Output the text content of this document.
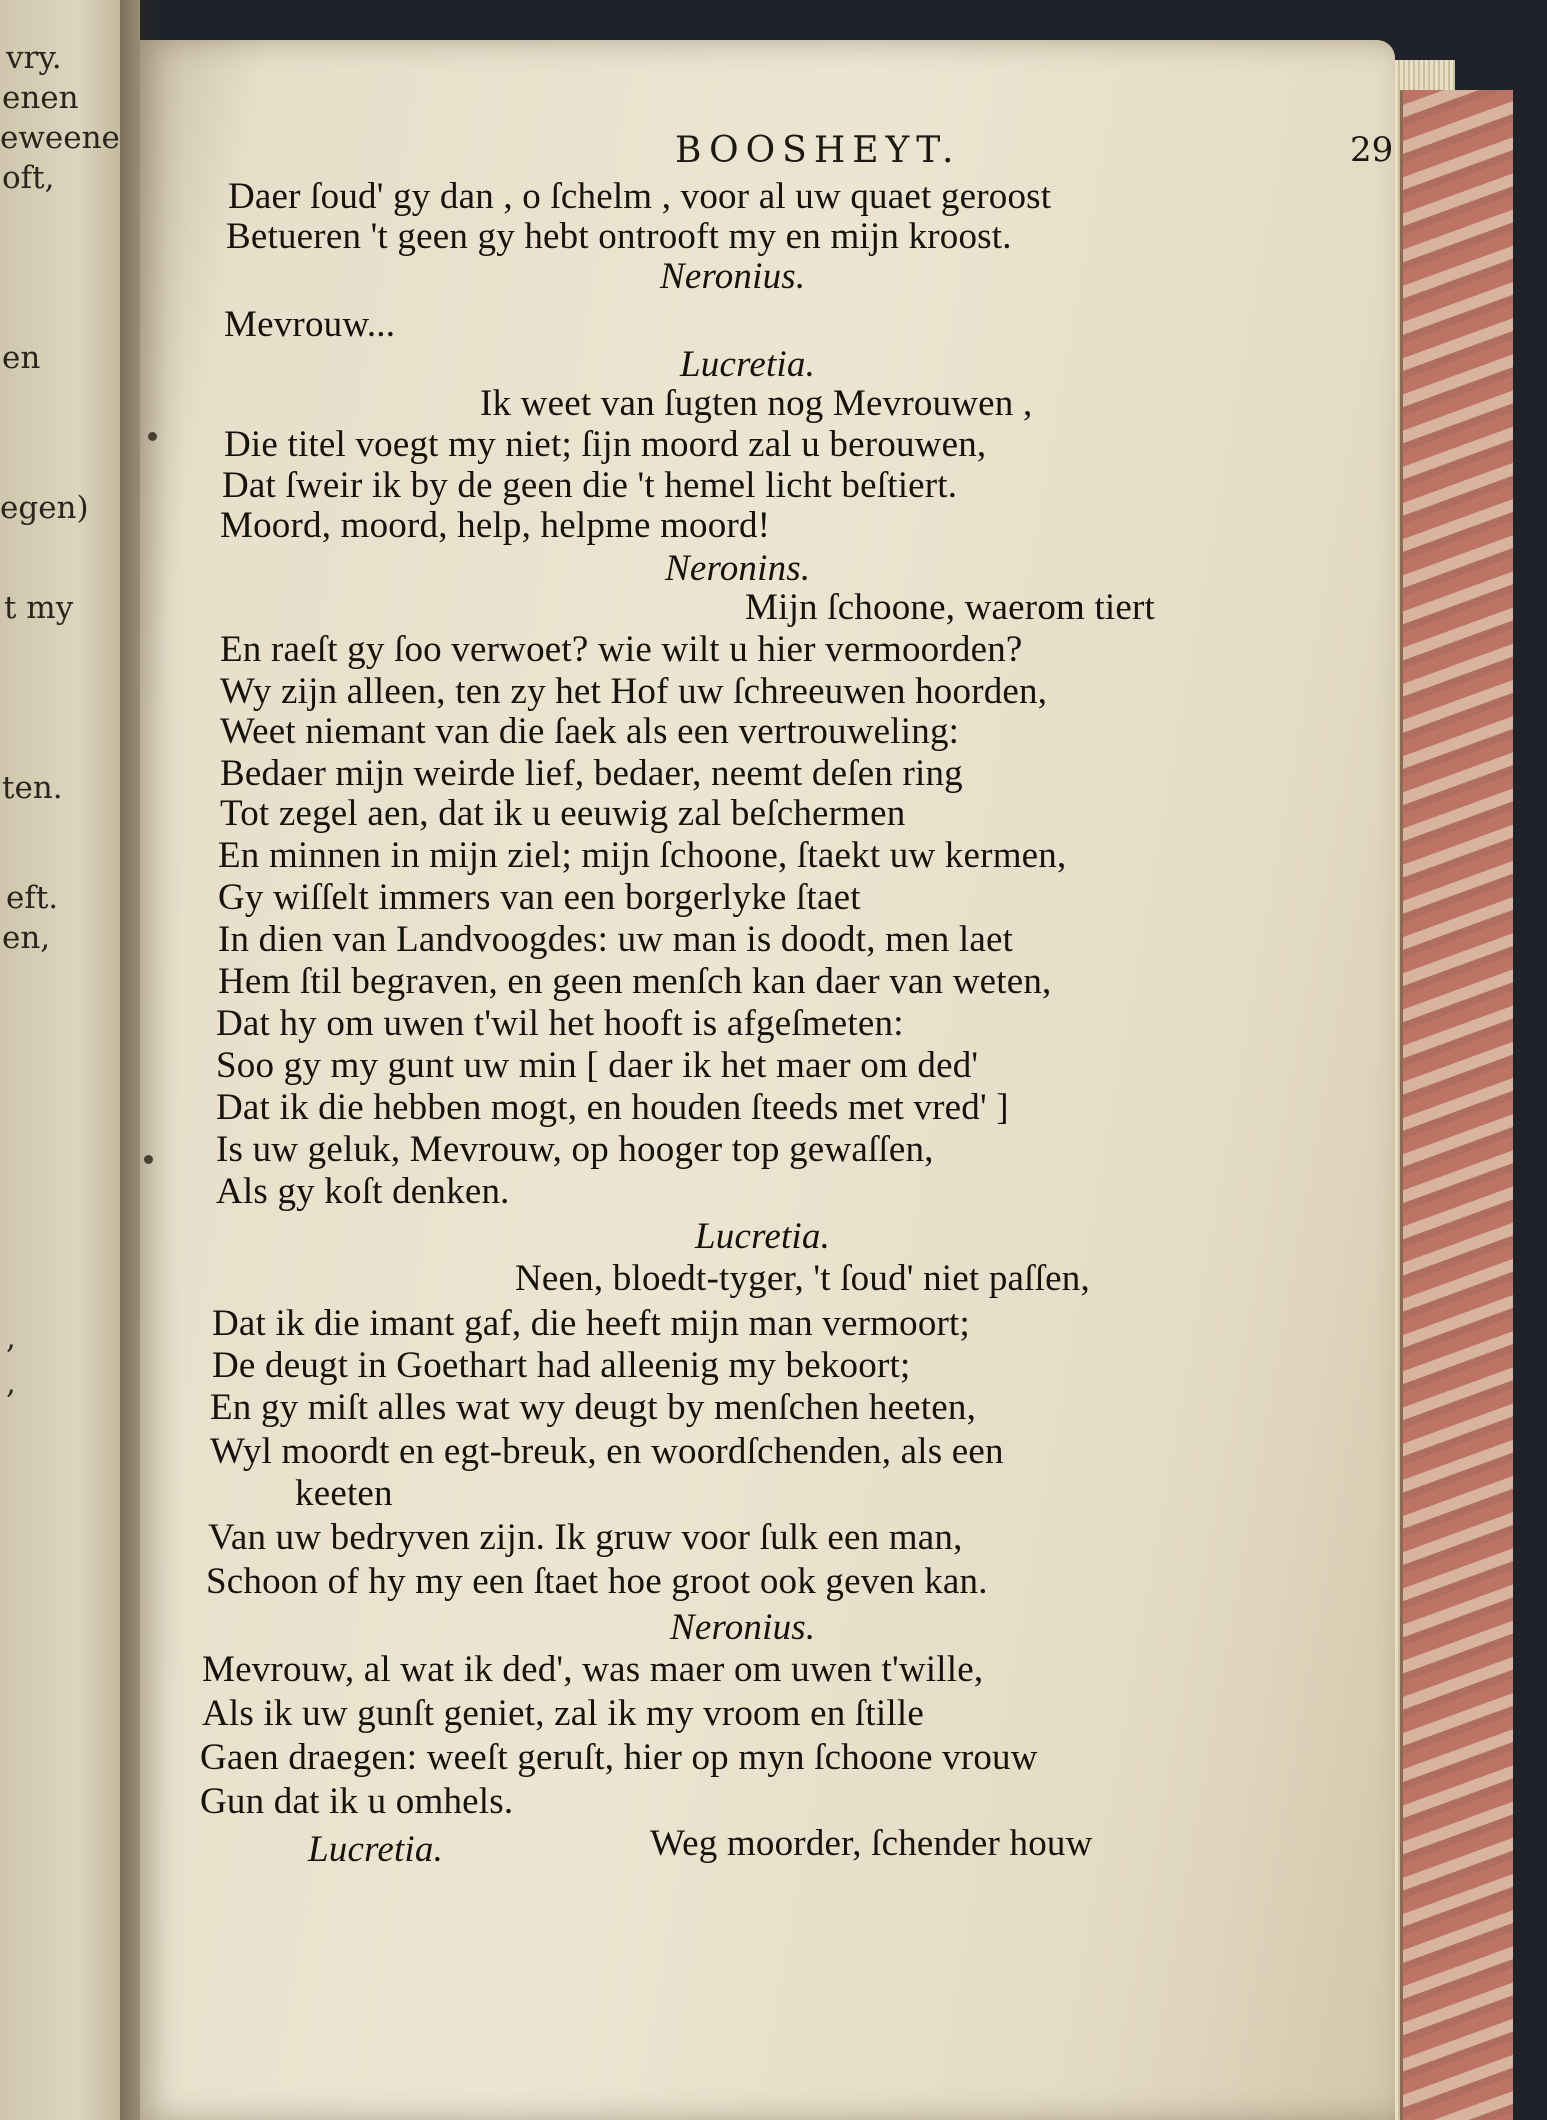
vry.
enen
eweene
oft,
en
egen)
t my
ten.
eft.
en,
,
,
BOOSHEYT.	29
Daer ſoud' gy dan , o ſchelm , voor al uw quaet geroost
Betueren 't geen gy hebt ontrooft my en mijn kroost.
Neronius.
Mevrouw...
Lucretia.
Ik weet van ſugten nog Mevrouwen ,
Die titel voegt my niet; ſijn moord zal u berouwen,
Dat ſweir ik by de geen die 't hemel licht beſtiert.
Moord, moord, help, helpme moord!
Neronins.
Mijn ſchoone, waerom tiert
En raeſt gy ſoo verwoet? wie wilt u hier vermoorden?
Wy zijn alleen, ten zy het Hof uw ſchreeuwen hoorden,
Weet niemant van die ſaek als een vertrouweling:
Bedaer mijn weirde lief, bedaer, neemt deſen ring
Tot zegel aen, dat ik u eeuwig zal beſchermen
En minnen in mijn ziel; mijn ſchoone, ſtaekt uw kermen,
Gy wiſſelt immers van een borgerlyke ſtaet
In dien van Landvoogdes: uw man is doodt, men laet
Hem ſtil begraven, en geen menſch kan daer van weten,
Dat hy om uwen t'wil het hooft is afgeſmeten:
Soo gy my gunt uw min [ daer ik het maer om ded'
Dat ik die hebben mogt, en houden ſteeds met vred' ]
Is uw geluk, Mevrouw, op hooger top gewaſſen,
Als gy koſt denken.
Lucretia.
Neen, bloedt-tyger, 't ſoud' niet paſſen,
Dat ik die imant gaf, die heeft mijn man vermoort;
De deugt in Goethart had alleenig my bekoort;
En gy miſt alles wat wy deugt by menſchen heeten,
Wyl moordt en egt-breuk, en woordſchenden, als een
keeten
Van uw bedryven zijn. Ik gruw voor ſulk een man,
Schoon of hy my een ſtaet hoe groot ook geven kan.
Neronius.
Mevrouw, al wat ik ded', was maer om uwen t'wille,
Als ik uw gunſt geniet, zal ik my vroom en ſtille
Gaen draegen: weeſt geruſt, hier op myn ſchoone vrouw
Gun dat ik u omhels.
Lucretia.	Weg moorder, ſchender houw
